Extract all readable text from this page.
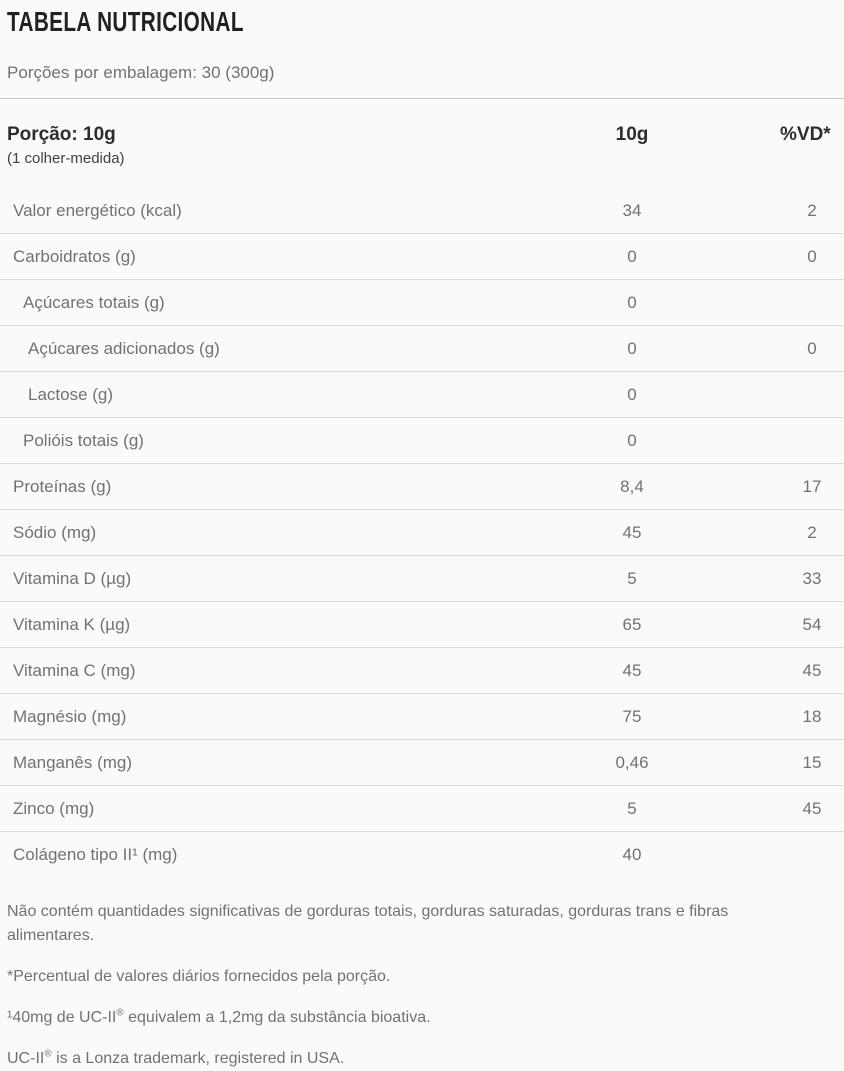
TABELA NUTRICIONAL
Porções por embalagem: 30 (300g)
Porção: 10g
(1 colher-medida)
10g	%VD*
Valor energético (kcal)	34	2
Carboidratos (g)	0	0
Açúcares totais (g)	0
Açúcares adicionados (g)	0	0
Lactose (g)	0
Polióis totais (g)	0
Proteínas (g)	8,4	17
Sódio (mg)	45	2
Vitamina D (µg)	5	33
Vitamina K (µg)	65	54
Vitamina C (mg)	45	45
Magnésio (mg)	75	18
Manganês (mg)	0,46	15
Zinco (mg)	5	45
Colágeno tipo II¹ (mg)	40

Não contém quantidades significativas de gorduras totais, gorduras saturadas, gorduras trans e fibras alimentares.

*Percentual de valores diários fornecidos pela porção.

¹40mg de UC-II® equivalem a 1,2mg da substância bioativa.

UC-II® is a Lonza trademark, registered in USA.
